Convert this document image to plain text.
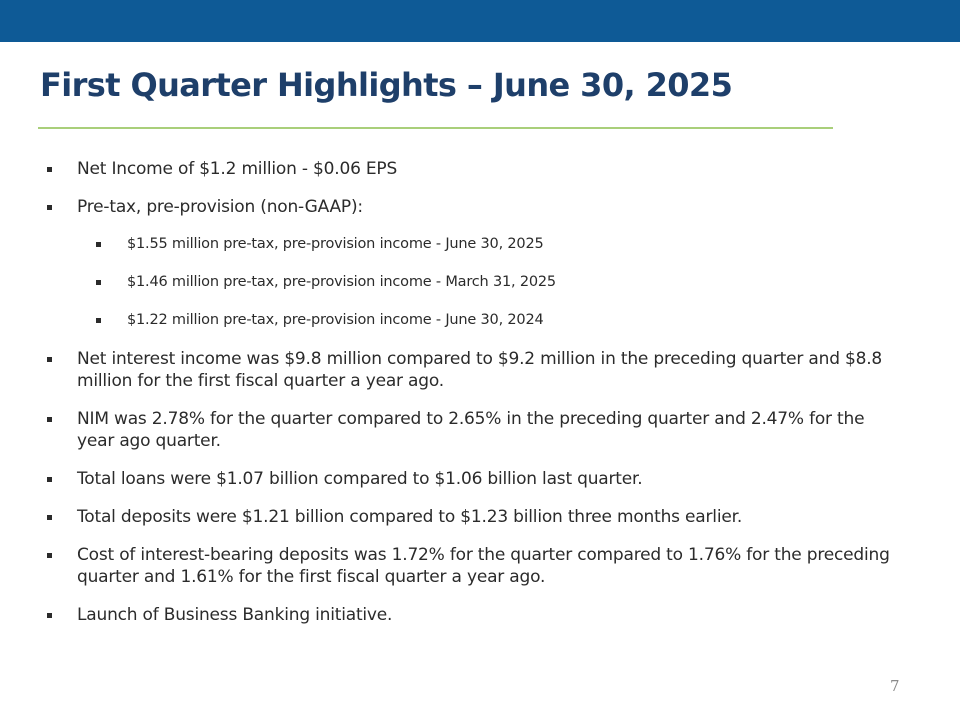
First Quarter Highlights – June 30, 2025
Net Income of $1.2 million - $0.06 EPS
Pre-tax, pre-provision (non-GAAP):
$1.55 million pre-tax, pre-provision income - June 30, 2025
$1.46 million pre-tax, pre-provision income - March 31, 2025
$1.22 million pre-tax, pre-provision income - June 30, 2024
Net interest income was $9.8 million compared to $9.2 million in the preceding quarter and $8.8 million for the first fiscal quarter a year ago.
NIM was 2.78% for the quarter compared to 2.65% in the preceding quarter and 2.47% for the year ago quarter.
Total loans were $1.07 billion compared to $1.06 billion last quarter.
Total deposits were $1.21 billion compared to $1.23 billion three months earlier.
Cost of interest-bearing deposits was 1.72% for the quarter compared to 1.76% for the preceding quarter and 1.61% for the first fiscal quarter a year ago.
Launch of Business Banking initiative.
7
